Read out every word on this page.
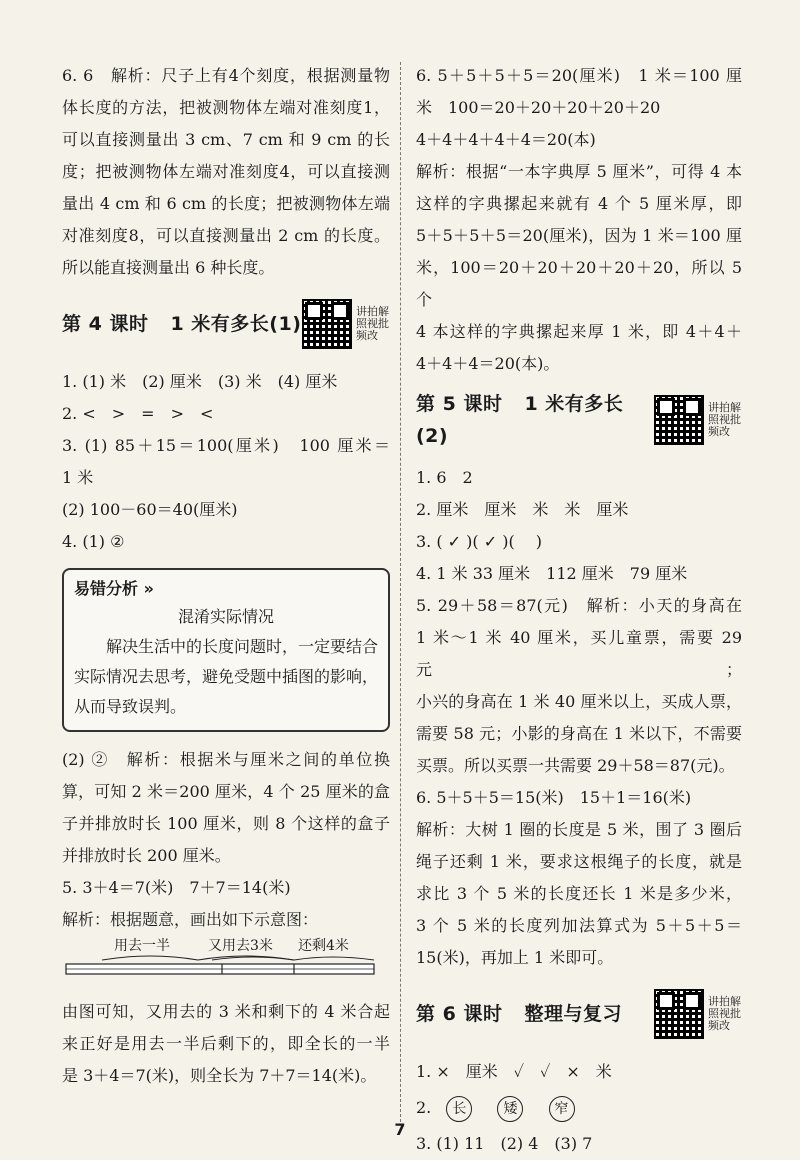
6. 6　解析：尺子上有4个刻度，根据测量物

体长度的方法，把被测物体左端对准刻度1，

可以直接测量出 3 cm、7 cm 和 9 cm 的长

度；把被测物体左端对准刻度4，可以直接测

量出 4 cm 和 6 cm 的长度；把被测物体左端

对准刻度8，可以直接测量出 2 cm 的长度。

所以能直接测量出 6 种长度。

第 4 课时 1 米有多长(1)
讲拍解照视批频改

1. (1) 米　(2) 厘米　(3) 米　(4) 厘米

2. <　>　=　>　<

3. (1) 85＋15＝100(厘米)　100 厘米＝

1 米

(2) 100－60＝40(厘米)

4. (1) ②

易错分析 »
混淆实际情况

解决生活中的长度问题时，一定要结合实际情况去思考，避免受题中插图的影响，从而导致误判。

(2) ②　解析：根据米与厘米之间的单位换

算，可知 2 米＝200 厘米，4 个 25 厘米的盒

子并排放时长 100 厘米，则 8 个这样的盒子

并排放时长 200 厘米。

5. 3＋4＝7(米)　7＋7＝14(米)

解析：根据题意，画出如下示意图：

用去一半	又用去3米 还剩4米

由图可知，又用去的 3 米和剩下的 4 米合起

来正好是用去一半后剩下的，即全长的一半

是 3＋4＝7(米)，则全长为 7＋7＝14(米)。

6. 5＋5＋5＋5＝20(厘米)　1 米＝100 厘

米　100＝20＋20＋20＋20＋20

4＋4＋4＋4＋4＝20(本)

解析：根据“一本字典厚 5 厘米”，可得 4 本

这样的字典摞起来就有 4 个 5 厘米厚，即

5＋5＋5＋5＝20(厘米)，因为 1 米＝100 厘

米，100＝20＋20＋20＋20＋20，所以 5 个

4 本这样的字典摞起来厚 1 米，即 4＋4＋

4＋4＋4＝20(本)。

第 5 课时 1 米有多长(2)
讲拍解照视批频改

1. 6　2

2. 厘米　厘米　米　米　厘米

3. ( ✓ )( ✓ )(　 )

4. 1 米 33 厘米　112 厘米　79 厘米

5. 29＋58＝87(元)　解析：小天的身高在

1 米～1 米 40 厘米，买儿童票，需要 29 元；

小兴的身高在 1 米 40 厘米以上，买成人票，

需要 58 元；小影的身高在 1 米以下，不需要

买票。所以买票一共需要 29＋58＝87(元)。

6. 5＋5＋5＝15(米)　15＋1＝16(米)

解析：大树 1 圈的长度是 5 米，围了 3 圈后

绳子还剩 1 米，要求这根绳子的长度，就是

求比 3 个 5 米的长度还长 1 米是多少米，

3 个 5 米的长度列加法算式为 5＋5＋5＝

15(米)，再加上 1 米即可。

第 6 课时 整理与复习
讲拍解照视批频改

1. ×　厘米　✓　✓　×　米

2. 长	矮	窄

3. (1) 11　(2) 4　(3) 7

7
